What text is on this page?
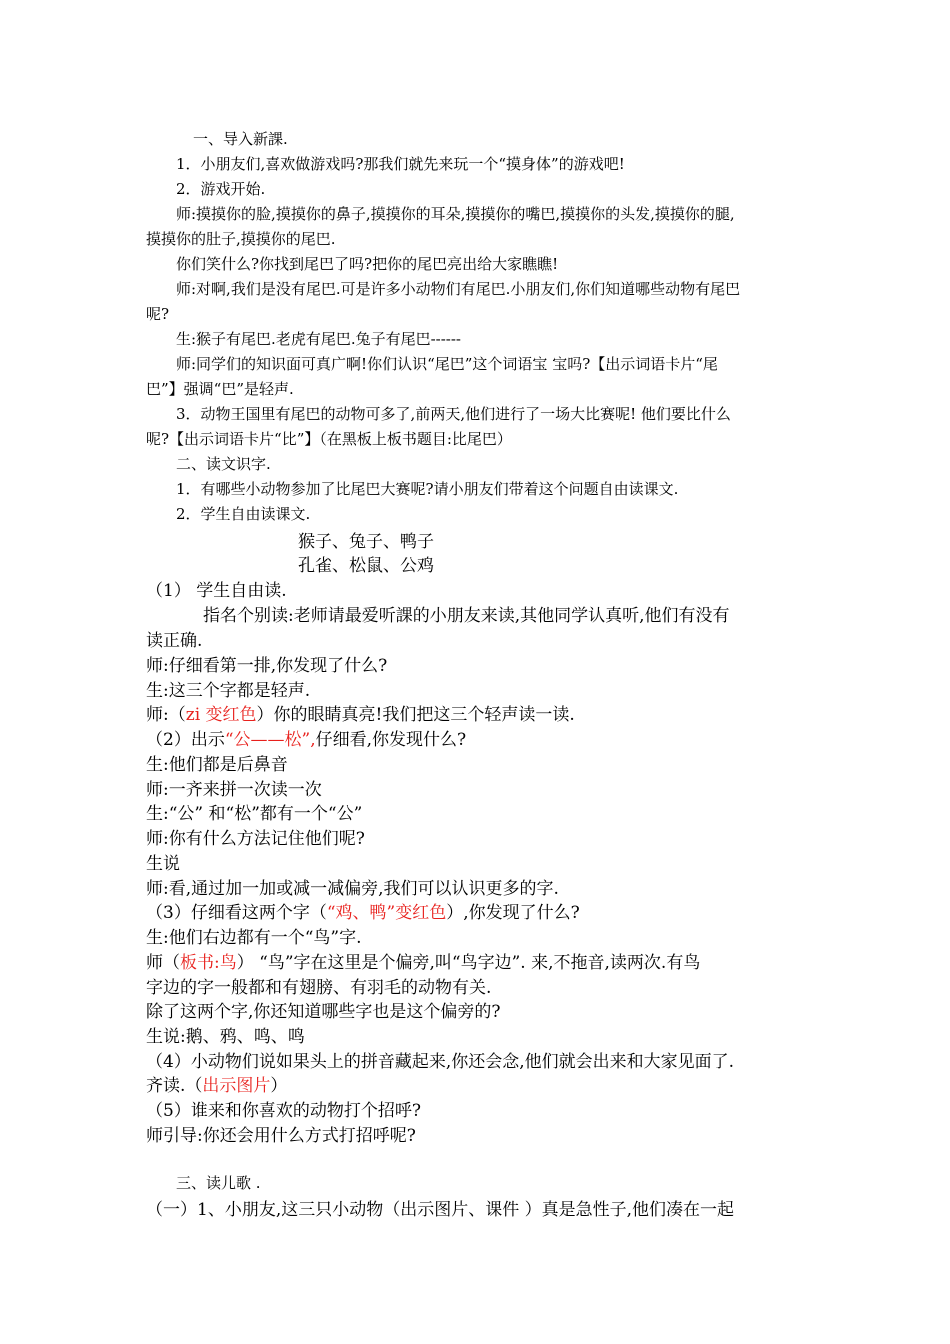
一、导入新課.

1．小朋友们,喜欢做游戏吗?那我们就先来玩一个“摸身体”的游戏吧!

2．游戏开始.

师:摸摸你的脸,摸摸你的鼻子,摸摸你的耳朵,摸摸你的嘴巴,摸摸你的头发,摸摸你的腿,

摸摸你的肚子,摸摸你的尾巴.

你们笑什么?你找到尾巴了吗?把你的尾巴亮出给大家瞧瞧!

师:对啊,我们是没有尾巴.可是许多小动物们有尾巴.小朋友们,你们知道哪些动物有尾巴

呢?

生:猴子有尾巴.老虎有尾巴.兔子有尾巴------

师:同学们的知识面可真广啊!你们认识“尾巴”这个词语宝 宝吗?【出示词语卡片“尾

巴”】强调“巴”是轻声.

3．动物王国里有尾巴的动物可多了,前两天,他们进行了一场大比赛呢! 他们要比什么

呢?【出示词语卡片“比”】（在黑板上板书题目:比尾巴）

二、读文识字.

1．有哪些小动物参加了比尾巴大赛呢?请小朋友们带着这个问题自由读课文.

2．学生自由读课文.

猴子、兔子、鸭子

孔雀、松鼠、公鸡

（1） 学生自由读.

指名个别读:老师请最爱听課的小朋友来读,其他同学认真听,他们有没有

读正确.

师:仔细看第一排,你发现了什么?

生:这三个字都是轻声.

师:（zi 变红色）你的眼睛真亮!我们把这三个轻声读一读.

（2）出示“公——松”,仔细看,你发现什么?

生:他们都是后鼻音

师:一齐来拼一次读一次

生:“公” 和“松”都有一个“公”

师:你有什么方法记住他们呢?

生说

师:看,通过加一加或减一减偏旁,我们可以认识更多的字.

（3）仔细看这两个字（“鸡、鸭”变红色）,你发现了什么?

生:他们右边都有一个“鸟”字.

师（板书:鸟） “鸟”字在这里是个偏旁,叫“鸟字边”. 来,不拖音,读两次.有鸟

字边的字一般都和有翅膀、有羽毛的动物有关.

除了这两个字,你还知道哪些字也是这个偏旁的?

生说:鹅、鸦、鸣、鸣

（4）小动物们说如果头上的拼音藏起来,你还会念,他们就会出来和大家见面了.

齐读.（出示图片）

（5）谁来和你喜欢的动物打个招呼?

师引导:你还会用什么方式打招呼呢?

三、读儿歌 .

（一）1、小朋友,这三只小动物（出示图片、课件 ）真是急性子,他们凑在一起
